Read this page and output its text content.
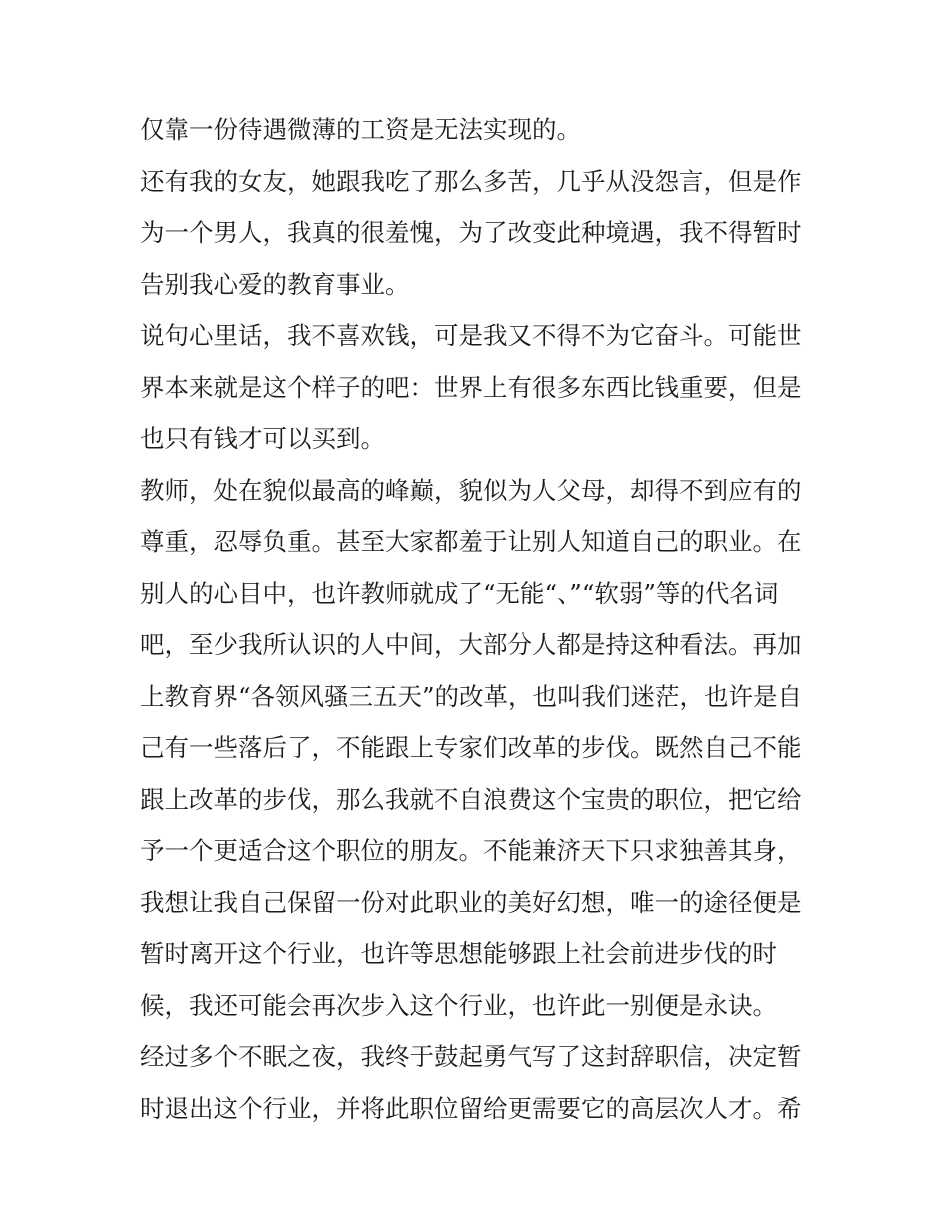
仅靠一份待遇微薄的工资是无法实现的。
还有我的女友，她跟我吃了那么多苦，几乎从没怨言，但是作
为一个男人，我真的很羞愧，为了改变此种境遇，我不得暂时
告别我心爱的教育事业。
说句心里话，我不喜欢钱，可是我又不得不为它奋斗。可能世
界本来就是这个样子的吧：世界上有很多东西比钱重要，但是
也只有钱才可以买到。
教师，处在貌似最高的峰巅，貌似为人父母，却得不到应有的
尊重，忍辱负重。甚至大家都羞于让别人知道自己的职业。在
别人的心目中，也许教师就成了“无能“、”“软弱”等的代名词
吧，至少我所认识的人中间，大部分人都是持这种看法。再加
上教育界“各领风骚三五天”的改革，也叫我们迷茫，也许是自
己有一些落后了，不能跟上专家们改革的步伐。既然自己不能
跟上改革的步伐，那么我就不自浪费这个宝贵的职位，把它给
予一个更适合这个职位的朋友。不能兼济天下只求独善其身，
我想让我自己保留一份对此职业的美好幻想，唯一的途径便是
暂时离开这个行业，也许等思想能够跟上社会前进步伐的时
候，我还可能会再次步入这个行业，也许此一别便是永诀。
经过多个不眠之夜，我终于鼓起勇气写了这封辞职信，决定暂
时退出这个行业，并将此职位留给更需要它的高层次人才。希
